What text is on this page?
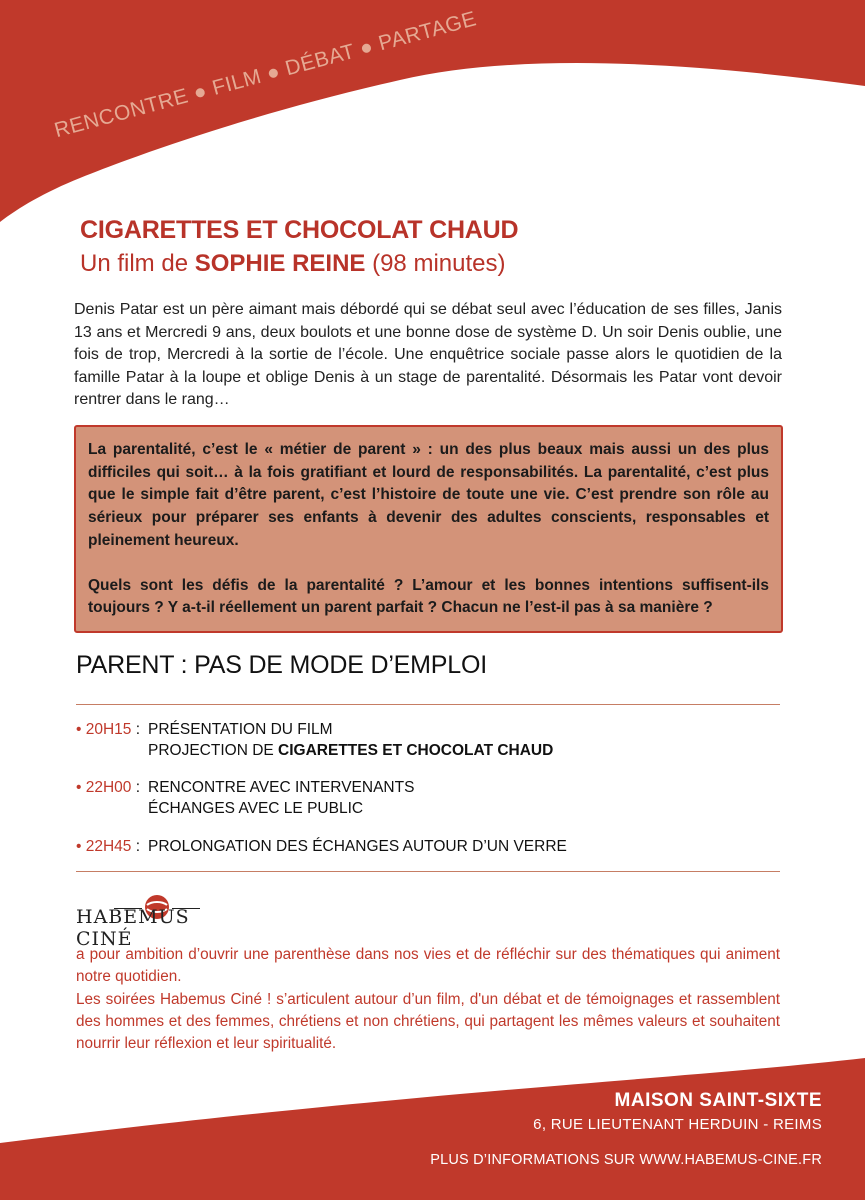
RENCONTRE ● FILM ● DÉBAT ● PARTAGE
CIGARETTES ET CHOCOLAT CHAUD
Un film de SOPHIE REINE (98 minutes)

Denis Patar est un père aimant mais débordé qui se débat seul avec l’éducation de ses filles, Janis 13 ans et Mercredi 9 ans, deux boulots et une bonne dose de système D. Un soir Denis oublie, une fois de trop, Mercredi à la sortie de l’école. Une enquêtrice sociale passe alors le quotidien de la famille Patar à la loupe et oblige Denis à un stage de parentalité. Désormais les Patar vont devoir rentrer dans le rang…

La parentalité, c’est le « métier de parent » : un des plus beaux mais aussi un des plus difficiles qui soit… à la fois gratifiant et lourd de responsabilités. La parentalité, c’est plus que le simple fait d’être parent, c’est l’histoire de toute une vie. C’est prendre son rôle au sérieux pour préparer ses enfants à devenir des adultes conscients, responsables et pleinement heureux.

Quels sont les défis de la parentalité ? L’amour et les bonnes intentions suffisent-ils toujours ? Y a-t-il réellement un parent parfait ? Chacun ne l’est-il pas à sa manière ?

PARENT : PAS DE MODE D’EMPLOI
• 20H15 : PRÉSENTATION DU FILM
PROJECTION DE CIGARETTES ET CHOCOLAT CHAUD
• 22H00 : RENCONTRE AVEC INTERVENANTS
ÉCHANGES AVEC LE PUBLIC
• 22H45 : PROLONGATION DES ÉCHANGES AUTOUR D’UN VERRE
HABEMUS CINÉ

a pour ambition d’ouvrir une parenthèse dans nos vies et de réfléchir sur des thématiques qui animent notre quotidien.

Les soirées Habemus Ciné ! s’articulent autour d’un film, d'un débat et de témoignages et rassemblent des hommes et des femmes, chrétiens et non chrétiens, qui partagent les mêmes valeurs et souhaitent nourrir leur réflexion et leur spiritualité.

MAISON SAINT-SIXTE
6, RUE LIEUTENANT HERDUIN - REIMS
PLUS D’INFORMATIONS SUR WWW.HABEMUS-CINE.FR
